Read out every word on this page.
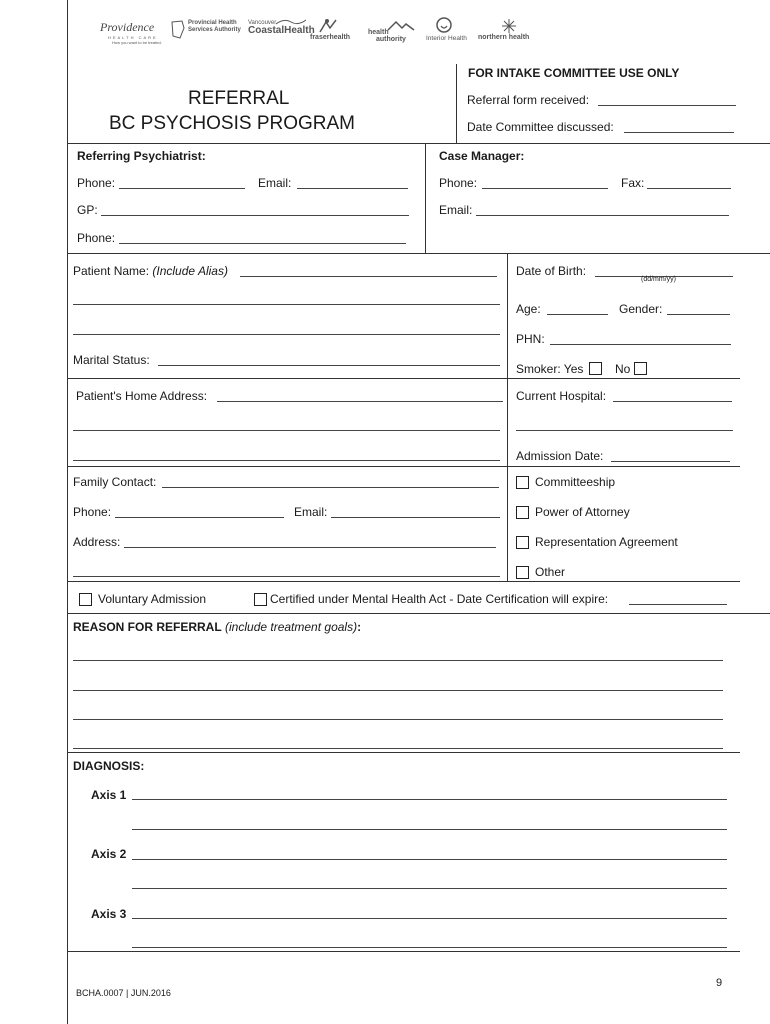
Providence
HEALTH CARE
How you want to be treated.
Provincial Health
Services Authority
Vancouver
CoastalHealth
fraserhealth
health
authority	Interior Health northern health
REFERRAL
BC PSYCHOSIS PROGRAM
FOR INTAKE COMMITTEE USE ONLY
Referral form received:
Date Committee discussed:
Referring Psychiatrist:
Phone:	Email:
GP:
Phone:
Case Manager:
Phone:	Fax:
Email:
Patient Name: (Include Alias)
Marital Status:
Date of Birth:
(dd/mm/yy)
Age:	Gender:
PHN:
Smoker: Yes	No
Patient's Home Address:	Current Hospital:
Admission Date:
Family Contact:
Phone:	Email:
Address:
Committeeship
Power of Attorney
Representation Agreement
Other
Voluntary Admission	Certified under Mental Health Act - Date Certification will expire:
REASON FOR REFERRAL (include treatment goals):
DIAGNOSIS:
Axis 1
Axis 2
Axis 3
9
BCHA.0007 | JUN.2016
